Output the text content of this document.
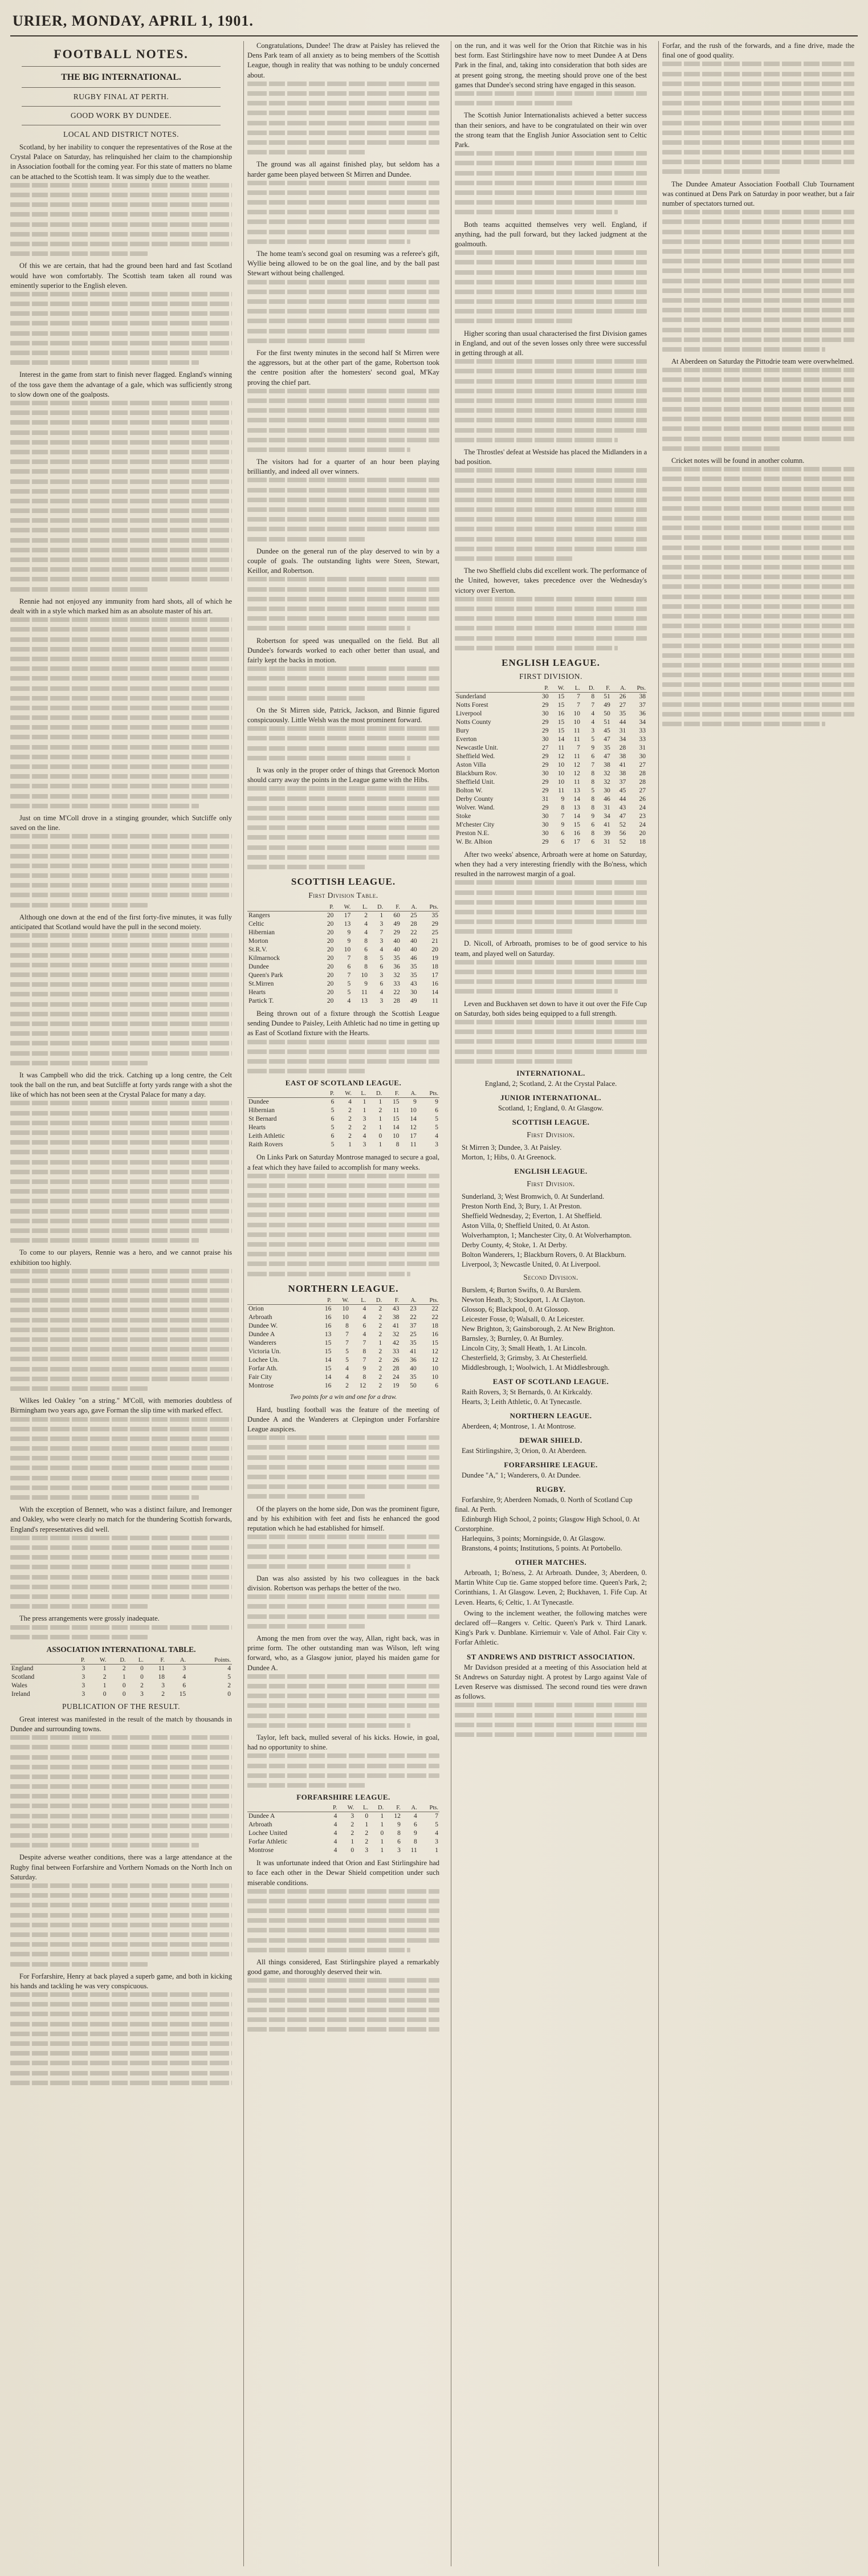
URIER, MONDAY, APRIL 1, 1901.
FOOTBALL NOTES.
THE BIG INTERNATIONAL.
RUGBY FINAL AT PERTH.
GOOD WORK BY DUNDEE.
LOCAL AND DISTRICT NOTES.

Scotland, by her inability to conquer the representatives of the Rose at the Crystal Palace on Saturday, has relinquished her claim to the championship in Association football for the coming year. For this state of matters no blame can be attached to the Scottish team. It was simply due to the weather.

Of this we are certain, that had the ground been hard and fast Scotland would have won comfortably. The Scottish team taken all round was eminently superior to the English eleven.

Interest in the game from start to finish never flagged. England's winning of the toss gave them the advantage of a gale, which was sufficiently strong to slow down one of the goalposts.

Rennie had not enjoyed any immunity from hard shots, all of which he dealt with in a style which marked him as an absolute master of his art.

Just on time M'Coll drove in a stinging grounder, which Sutcliffe only saved on the line.

Although one down at the end of the first forty-five minutes, it was fully anticipated that Scotland would have the pull in the second moiety.

It was Campbell who did the trick. Catching up a long centre, the Celt took the ball on the run, and beat Sutcliffe at forty yards range with a shot the like of which has not been seen at the Crystal Palace for many a day.

To come to our players, Rennie was a hero, and we cannot praise his exhibition too highly.

Wilkes led Oakley "on a string." M'Coll, with memories doubtless of Birmingham two years ago, gave Forman the slip time with marked effect.

With the exception of Bennett, who was a distinct failure, and Iremonger and Oakley, who were clearly no match for the thundering Scottish forwards, England's representatives did well.

The press arrangements were grossly inadequate.

ASSOCIATION INTERNATIONAL TABLE.
	P.	W.	D.	L.	F.	A.	Points.
England	3	1	2	0	11	3	4
Scotland	3	2	1	0	18	4	5
Wales	3	1	0	2	3	6	2
Ireland	3	0	0	3	2	15	0
PUBLICATION OF THE RESULT.

Great interest was manifested in the result of the match by thousands in Dundee and surrounding towns.

Despite adverse weather conditions, there was a large attendance at the Rugby final between Forfarshire and Vorthern Nomads on the North Inch on Saturday.

For Forfarshire, Henry at back played a superb game, and both in kicking his hands and tackling he was very conspicuous.

Congratulations, Dundee! The draw at Paisley has relieved the Dens Park team of all anxiety as to being members of the Scottish League, though in reality that was nothing to be unduly concerned about.

The ground was all against finished play, but seldom has a harder game been played between St Mirren and Dundee.

The home team's second goal on resuming was a referee's gift, Wyllie being allowed to be on the goal line, and by the ball past Stewart without being challenged.

For the first twenty minutes in the second half St Mirren were the aggressors, but at the other part of the game, Robertson took the centre position after the homesters' second goal, M'Kay proving the chief part.

The visitors had for a quarter of an hour been playing brilliantly, and indeed all over winners.

Dundee on the general run of the play deserved to win by a couple of goals. The outstanding lights were Steen, Stewart, Keillor, and Robertson.

Robertson for speed was unequalled on the field. But all Dundee's forwards worked to each other better than usual, and fairly kept the backs in motion.

On the St Mirren side, Patrick, Jackson, and Binnie figured conspicuously. Little Welsh was the most prominent forward.

It was only in the proper order of things that Greenock Morton should carry away the points in the League game with the Hibs.

SCOTTISH LEAGUE.
First Division Table.
	P.	W.	L.	D.	F.	A.	Pts.
Rangers	20	17	2	1	60	25	35
Celtic	20	13	4	3	49	28	29
Hibernian	20	9	4	7	29	22	25
Morton	20	9	8	3	40	40	21
St.R.V.	20	10	6	4	40	40	20
Kilmarnock	20	7	8	5	35	46	19
Dundee	20	6	8	6	36	35	18
Queen's Park	20	7	10	3	32	35	17
St.Mirren	20	5	9	6	33	43	16
Hearts	20	5	11	4	22	30	14
Partick T.	20	4	13	3	28	49	11

Being thrown out of a fixture through the Scottish League sending Dundee to Paisley, Leith Athletic had no time in getting up as East of Scotland fixture with the Hearts.

EAST OF SCOTLAND LEAGUE.
	P.	W.	L.	D.	F.	A.	Pts.
Dundee	6	4	1	1	15	9	9
Hibernian	5	2	1	2	11	10	6
St Bernard	6	2	3	1	15	14	5
Hearts	5	2	2	1	14	12	5
Leith Athletic	6	2	4	0	10	17	4
Raith Rovers	5	1	3	1	8	11	3

On Links Park on Saturday Montrose managed to secure a goal, a feat which they have failed to accomplish for many weeks.

NORTHERN LEAGUE.
	P.	W.	L.	D.	F.	A.	Pts.
Orion	16	10	4	2	43	23	22
Arbroath	16	10	4	2	38	22	22
Dundee W.	16	8	6	2	41	37	18
Dundee A	13	7	4	2	32	25	16
Wanderers	15	7	7	1	42	35	15
Victoria Un.	15	5	8	2	33	41	12
Lochee Un.	14	5	7	2	26	36	12
Forfar Ath.	15	4	9	2	28	40	10
Fair City	14	4	8	2	24	35	10
Montrose	16	2	12	2	19	50	6
Two points for a win and one for a draw.

Hard, bustling football was the feature of the meeting of Dundee A and the Wanderers at Clepington under Forfarshire League auspices.

Of the players on the home side, Don was the prominent figure, and by his exhibition with feet and fists he enhanced the good reputation which he had established for himself.

Dan was also assisted by his two colleagues in the back division. Robertson was perhaps the better of the two.

Among the men from over the way, Allan, right back, was in prime form. The other outstanding man was Wilson, left wing forward, who, as a Glasgow junior, played his maiden game for Dundee A.

Taylor, left back, mulled several of his kicks. Howie, in goal, had no opportunity to shine.

FORFARSHIRE LEAGUE.
	P.	W.	L.	D.	F.	A.	Pts.
Dundee A	4	3	0	1	12	4	7
Arbroath	4	2	1	1	9	6	5
Lochee United	4	2	2	0	8	9	4
Forfar Athletic	4	1	2	1	6	8	3
Montrose	4	0	3	1	3	11	1

It was unfortunate indeed that Orion and East Stirlingshire had to face each other in the Dewar Shield competition under such miserable conditions.

All things considered, East Stirlingshire played a remarkably good game, and thoroughly deserved their win.

on the run, and it was well for the Orion that Ritchie was in his best form. East Stirlingshire have now to meet Dundee A at Dens Park in the final, and, taking into consideration that both sides are at present going strong, the meeting should prove one of the best games that Dundee's second string have engaged in this season.

The Scottish Junior Internationalists achieved a better success than their seniors, and have to be congratulated on their win over the strong team that the English Junior Association sent to Celtic Park.

Both teams acquitted themselves very well. England, if anything, had the pull forward, but they lacked judgment at the goalmouth.

Higher scoring than usual characterised the first Division games in England, and out of the seven losses only three were successful in getting through at all.

The Throstles' defeat at Westside has placed the Midlanders in a bad position.

The two Sheffield clubs did excellent work. The performance of the United, however, takes precedence over the Wednesday's victory over Everton.

ENGLISH LEAGUE.
FIRST DIVISION.
	P.	W.	L.	D.	F.	A.	Pts.
Sunderland	30	15	7	8	51	26	38
Notts Forest	29	15	7	7	49	27	37
Liverpool	30	16	10	4	50	35	36
Notts County	29	15	10	4	51	44	34
Bury	29	15	11	3	45	31	33
Everton	30	14	11	5	47	34	33
Newcastle Unit.	27	11	7	9	35	28	31
Sheffield Wed.	29	12	11	6	47	38	30
Aston Villa	29	10	12	7	38	41	27
Blackburn Rov.	30	10	12	8	32	38	28
Sheffield Unit.	29	10	11	8	32	37	28
Bolton W.	29	11	13	5	30	45	27
Derby County	31	9	14	8	46	44	26
Wolver. Wand.	29	8	13	8	31	43	24
Stoke	30	7	14	9	34	47	23
M'chester City	30	9	15	6	41	52	24
Preston N.E.	30	6	16	8	39	56	20
W. Br. Albion	29	6	17	6	31	52	18

After two weeks' absence, Arbroath were at home on Saturday, when they had a very interesting friendly with the Bo'ness, which resulted in the narrowest margin of a goal.

D. Nicoll, of Arbroath, promises to be of good service to his team, and played well on Saturday.

Leven and Buckhaven set down to have it out over the Fife Cup on Saturday, both sides being equipped to a full strength.

INTERNATIONAL.

England, 2; Scotland, 2. At the Crystal Palace.

JUNIOR INTERNATIONAL.

Scotland, 1; England, 0. At Glasgow.

SCOTTISH LEAGUE.
First Division.

St Mirren 3; Dundee, 3. At Paisley.

Morton, 1; Hibs, 0. At Greenock.

ENGLISH LEAGUE.
First Division.

Sunderland, 3; West Bromwich, 0. At Sunderland.

Preston North End, 3; Bury, 1. At Preston.

Sheffield Wednesday, 2; Everton, 1. At Sheffield.

Aston Villa, 0; Sheffield United, 0. At Aston.

Wolverhampton, 1; Manchester City, 0. At Wolverhampton.

Derby County, 4; Stoke, 1. At Derby.

Bolton Wanderers, 1; Blackburn Rovers, 0. At Blackburn.

Liverpool, 3; Newcastle United, 0. At Liverpool.

Second Division.

Burslem, 4; Burton Swifts, 0. At Burslem.

Newton Heath, 3; Stockport, 1. At Clayton.

Glossop, 6; Blackpool, 0. At Glossop.

Leicester Fosse, 0; Walsall, 0. At Leicester.

New Brighton, 3; Gainsborough, 2. At New Brighton.

Barnsley, 3; Burnley, 0. At Burnley.

Lincoln City, 3; Small Heath, 1. At Lincoln.

Chesterfield, 3; Grimsby, 3. At Chesterfield.

Middlesbrough, 1; Woolwich, 1. At Middlesbrough.

EAST OF SCOTLAND LEAGUE.

Raith Rovers, 3; St Bernards, 0. At Kirkcaldy.

Hearts, 3; Leith Athletic, 0. At Tynecastle.

NORTHERN LEAGUE.

Aberdeen, 4; Montrose, 1. At Montrose.

DEWAR SHIELD.

East Stirlingshire, 3; Orion, 0. At Aberdeen.

FORFARSHIRE LEAGUE.

Dundee "A," 1; Wanderers, 0. At Dundee.

RUGBY.

Forfarshire, 9; Aberdeen Nomads, 0. North of Scotland Cup final. At Perth.

Edinburgh High School, 2 points; Glasgow High School, 0. At Corstorphine.

Harlequins, 3 points; Morningside, 0. At Glasgow.

Branstons, 4 points; Institutions, 5 points. At Portobello.

OTHER MATCHES.

Arbroath, 1; Bo'ness, 2. At Arbroath. Dundee, 3; Aberdeen, 0. Martin White Cup tie. Game stopped before time. Queen's Park, 2; Corinthians, 1. At Glasgow. Leven, 2; Buckhaven, 1. Fife Cup. At Leven. Hearts, 6; Celtic, 1. At Tynecastle.

Owing to the inclement weather, the following matches were declared off—Rangers v. Celtic. Queen's Park v. Third Lanark. King's Park v. Dunblane. Kirriemuir v. Vale of Athol. Fair City v. Forfar Athletic.

ST ANDREWS AND DISTRICT ASSOCIATION.

Mr Davidson presided at a meeting of this Association held at St Andrews on Saturday night. A protest by Largo against Vale of Leven Reserve was dismissed. The second round ties were drawn as follows.

Forfar, and the rush of the forwards, and a fine drive, made the final one of good quality.

The Dundee Amateur Association Football Club Tournament was continued at Dens Park on Saturday in poor weather, but a fair number of spectators turned out.

At Aberdeen on Saturday the Pittodrie team were overwhelmed.

Cricket notes will be found in another column.
